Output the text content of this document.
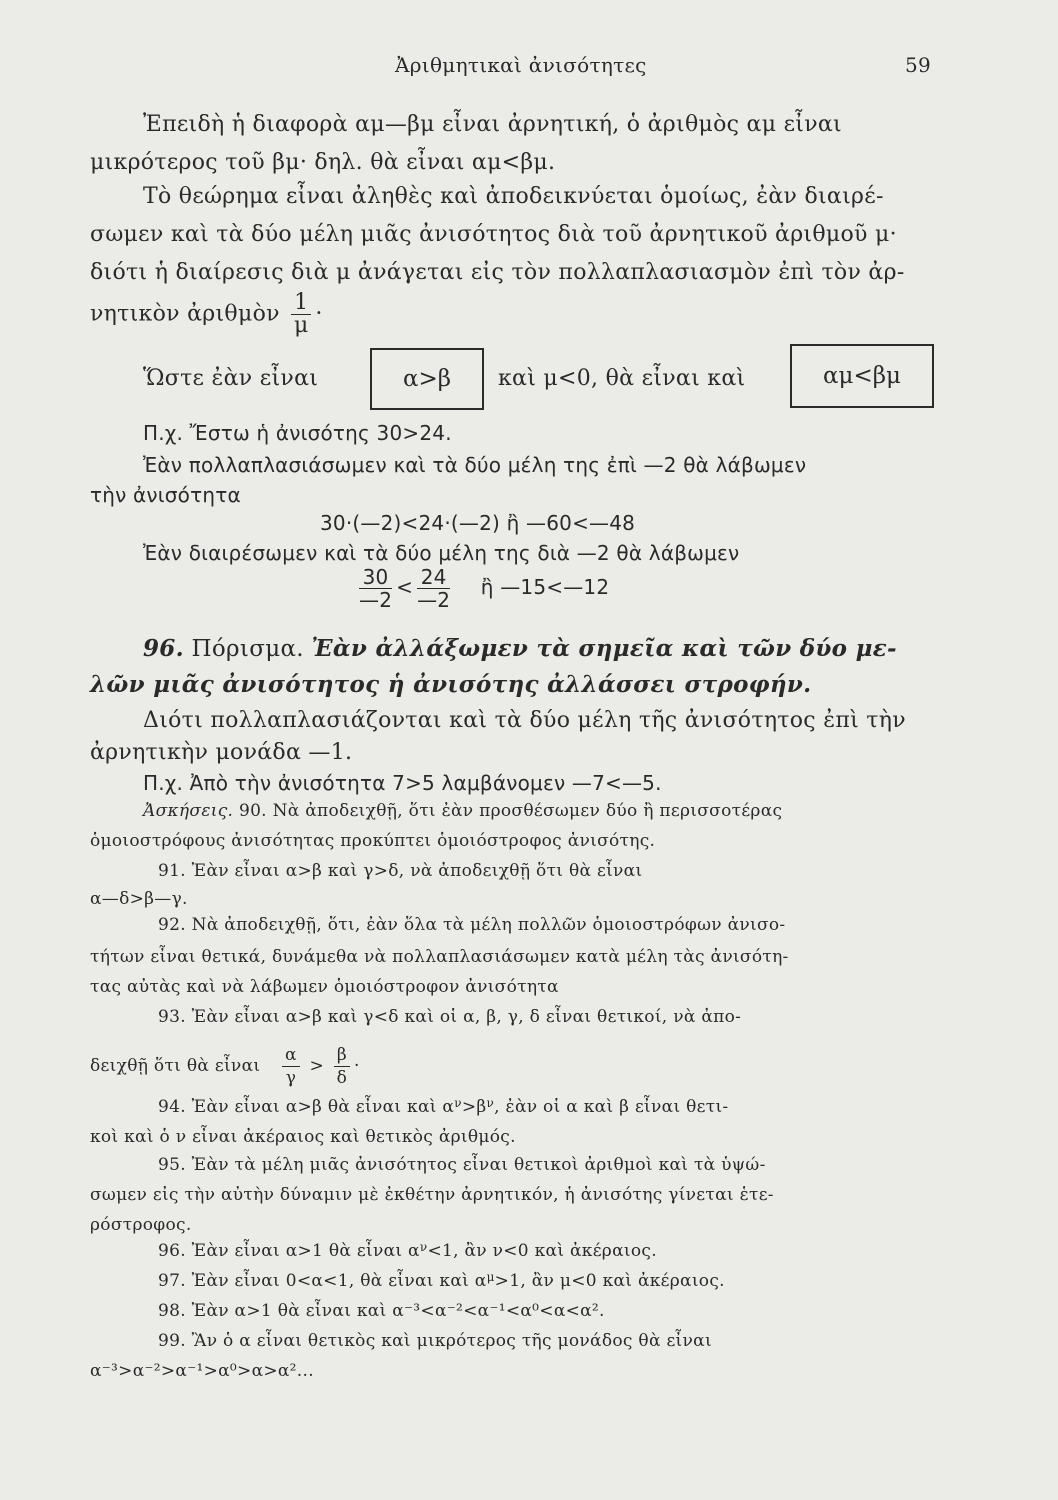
Ἀριθμητικαὶ ἀνισότητες	59
Ἐπειδὴ ἡ διαφορὰ αμ—βμ εἶναι ἀρνητική, ὁ ἀριθμὸς αμ εἶναι
μικρότερος τοῦ βμ· δηλ. θὰ εἶναι αμ<βμ.
Τὸ θεώρημα εἶναι ἀληθὲς καὶ ἀποδεικνύεται ὁμοίως, ἐὰν διαιρέ-
σωμεν καὶ τὰ δύο μέλη μιᾶς ἀνισότητος διὰ τοῦ ἀρνητικοῦ ἀριθμοῦ μ·
διότι ἡ διαίρεσις διὰ μ ἀνάγεται εἰς τὸν πολλαπλασιασμὸν ἐπὶ τὸν ἀρ-
νητικὸν ἀριθμὸν $\frac{1}{\mu}$ ·
Ὥστε ἐὰν εἶναι	α>β	καὶ μ<0, θὰ εἶναι καὶ	αμ<βμ
Π.χ. Ἔστω ἡ ἀνισότης 30>24.
Ἐὰν πολλαπλασιάσωμεν καὶ τὰ δύο μέλη της ἐπὶ —2 θὰ λάβωμεν
τὴν ἀνισότητα
30·(—2)<24·(—2) ἢ —60<—48
Ἐὰν διαιρέσωμεν καὶ τὰ δύο μέλη της διὰ —2 θὰ λάβωμεν
$\frac{30}{—2} < \frac{24}{—2}$ ἢ —15<—12
96. Πόρισμα. Ἐὰν ἀλλάξωμεν τὰ σημεῖα καὶ τῶν δύο με-
λῶν μιᾶς ἀνισότητος ἡ ἀνισότης ἀλλάσσει στροφήν.
Διότι πολλαπλασιάζονται καὶ τὰ δύο μέλη τῆς ἀνισότητος ἐπὶ τὴν
ἀρνητικὴν μονάδα —1.
Π.χ. Ἀπὸ τὴν ἀνισότητα 7>5 λαμβάνομεν —7<—5.
Ἀσκήσεις. 90. Νὰ ἀποδειχθῇ, ὅτι ἐὰν προσθέσωμεν δύο ἢ περισσοτέρας
ὁμοιοστρόφους ἀνισότητας προκύπτει ὁμοιόστροφος ἀνισότης.
91. Ἐὰν εἶναι α>β καὶ γ>δ, νὰ ἀποδειχθῇ ὅτι θὰ εἶναι
α—δ>β—γ.
92. Νὰ ἀποδειχθῇ, ὅτι, ἐὰν ὅλα τὰ μέλη πολλῶν ὁμοιοστρόφων ἀνισο-
τήτων εἶναι θετικά, δυνάμεθα νὰ πολλαπλασιάσωμεν κατὰ μέλη τὰς ἀνισότη-
τας αὐτὰς καὶ νὰ λάβωμεν ὁμοιόστροφον ἀνισότητα
93. Ἐὰν εἶναι α>β καὶ γ<δ καὶ οἱ α, β, γ, δ εἶναι θετικοί, νὰ ἀπο-
δειχθῇ ὅτι θὰ εἶναι $\frac{\alpha}{\gamma} > \frac{\beta}{\delta}$ ·
94. Ἐὰν εἶναι α>β θὰ εἶναι καὶ $\alpha^\nu>\beta^\nu$, ἐὰν οἱ α καὶ β εἶναι θετι-
κοὶ καὶ ὁ ν εἶναι ἀκέραιος καὶ θετικὸς ἀριθμός.
95. Ἐὰν τὰ μέλη μιᾶς ἀνισότητος εἶναι θετικοὶ ἀριθμοὶ καὶ τὰ ὑψώ-
σωμεν εἰς τὴν αὐτὴν δύναμιν μὲ ἐκθέτην ἀρνητικόν, ἡ ἀνισότης γίνεται ἑτε-
ρόστροφος.
96. Ἐὰν εἶναι α>1 θὰ εἶναι $\alpha^\nu<1$, ἂν ν<0 καὶ ἀκέραιος.
97. Ἐὰν εἶναι 0<α<1, θὰ εἶναι καὶ $\alpha^\mu>1$, ἂν μ<0 καὶ ἀκέραιος.
98. Ἐὰν α>1 θὰ εἶναι καὶ α⁻³<α⁻²<α⁻¹<α⁰<α<α².
99. Ἂν ὁ α εἶναι θετικὸς καὶ μικρότερος τῆς μονάδος θὰ εἶναι
α⁻³>α⁻²>α⁻¹>α⁰>α>α²...
